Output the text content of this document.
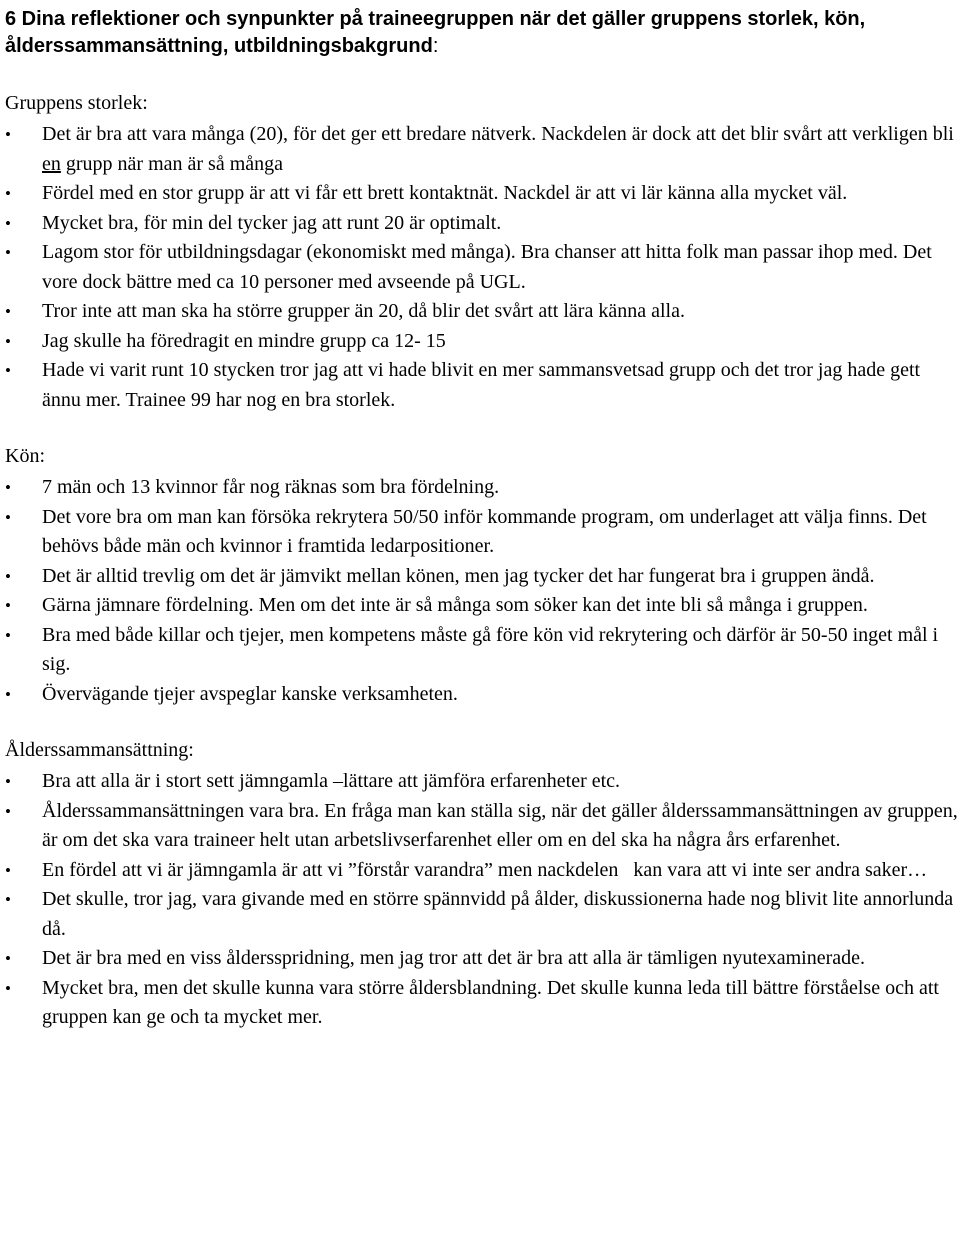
6 Dina reflektioner och synpunkter på traineegruppen när det gäller gruppens storlek, kön, ålderssammansättning, utbildningsbakgrund:

Gruppens storlek:

•	Det är bra att vara många (20), för det ger ett bredare nätverk. Nackdelen är dock att det blir svårt att verkligen bli en grupp när man är så många
•	Fördel med en stor grupp är att vi får ett brett kontaktnät. Nackdel är att vi lär känna alla mycket väl.
•	Mycket bra, för min del tycker jag att runt 20 är optimalt.
•	Lagom stor för utbildningsdagar (ekonomiskt med många). Bra chanser att hitta folk man passar ihop med. Det vore dock bättre med ca 10 personer med avseende på UGL.
•	Tror inte att man ska ha större grupper än 20, då blir det svårt att lära känna alla.
•	Jag skulle ha föredragit en mindre grupp ca 12- 15
•	Hade vi varit runt 10 stycken tror jag att vi hade blivit en mer sammansvetsad grupp och det tror jag hade gett ännu mer. Trainee 99 har nog en bra storlek.

Kön:

•	7 män och 13 kvinnor får nog räknas som bra fördelning.
•	Det vore bra om man kan försöka rekrytera 50/50 inför kommande program, om underlaget att välja finns. Det behövs både män och kvinnor i framtida ledarpositioner.
•	Det är alltid trevlig om det är jämvikt mellan könen, men jag tycker det har fungerat bra i gruppen ändå.
•	Gärna jämnare fördelning. Men om det inte är så många som söker kan det inte bli så många i gruppen.
•	Bra med både killar och tjejer, men kompetens måste gå före kön vid rekrytering och därför är 50-50 inget mål i sig.
•	Övervägande tjejer avspeglar kanske verksamheten.

Ålderssammansättning:

•	Bra att alla är i stort sett jämngamla –lättare att jämföra erfarenheter etc.
•	Ålderssammansättningen vara bra. En fråga man kan ställa sig, när det gäller ålderssammansättningen av gruppen, är om det ska vara traineer helt utan arbetslivserfarenhet eller om en del ska ha några års erfarenhet.
•	En fördel att vi är jämngamla är att vi ”förstår varandra” men nackdelen   kan vara att vi inte ser andra saker…
•	Det skulle, tror jag, vara givande med en större spännvidd på ålder, diskussionerna hade nog blivit lite annorlunda då.
•	Det är bra med en viss åldersspridning, men jag tror att det är bra att alla är tämligen nyutexaminerade.
•	Mycket bra, men det skulle kunna vara större åldersblandning. Det skulle kunna leda till bättre förståelse och att gruppen kan ge och ta mycket mer.
